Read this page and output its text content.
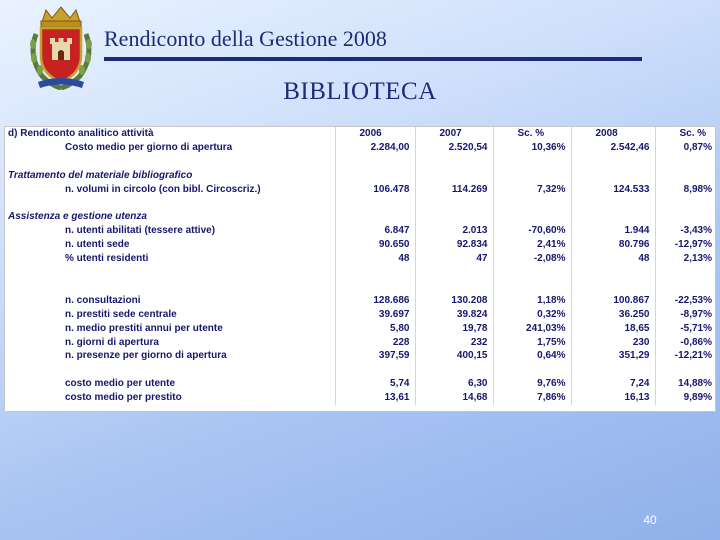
Rendiconto della Gestione 2008
BIBLIOTECA
d) Rendiconto analitico attività	2006	2007	Sc. %	2008	Sc. %
Costo medio per giorno di apertura	2.284,00	2.520,54	10,36%	2.542,46	0,87%

Trattamento del materiale bibliografico					
n. volumi in circolo (con bibl. Circoscriz.)	106.478	114.269	7,32%	124.533	8,98%

Assistenza e gestione utenza					
n. utenti abilitati (tessere attive)	6.847	2.013	-70,60%	1.944	-3,43%
n. utenti sede	90.650	92.834	2,41%	80.796	-12,97%
% utenti residenti	48	47	-2,08%	48	2,13%

n. consultazioni	128.686	130.208	1,18%	100.867	-22,53%
n. prestiti sede centrale	39.697	39.824	0,32%	36.250	-8,97%
n. medio prestiti annui per utente	5,80	19,78	241,03%	18,65	-5,71%
n. giorni di apertura	228	232	1,75%	230	-0,86%
n. presenze per giorno di apertura	397,59	400,15	0,64%	351,29	-12,21%

costo medio per utente	5,74	6,30	9,76%	7,24	14,88%
costo medio per prestito	13,61	14,68	7,86%	16,13	9,89%
40
